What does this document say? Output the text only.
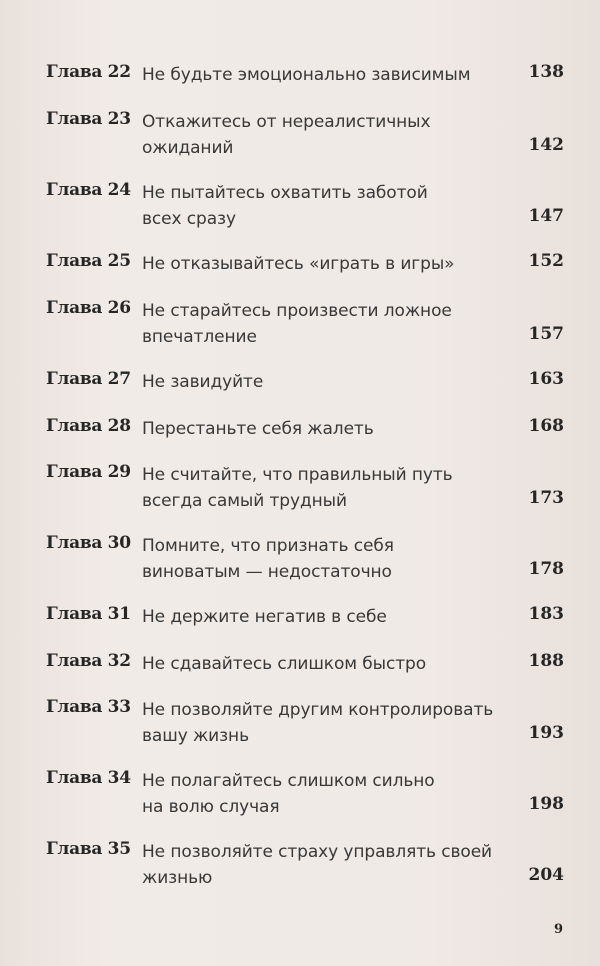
Глава 22 Не будьте эмоционально зависимым	138
Глава 23 Откажитесь от нереалистичных
ожиданий	142
Глава 24 Не пытайтесь охватить заботой
всех сразу	147
Глава 25 Не отказывайтесь «играть в игры»	152
Глава 26 Не старайтесь произвести ложное
впечатление	157
Глава 27 Не завидуйте	163
Глава 28 Перестаньте себя жалеть	168
Глава 29 Не считайте, что правильный путь
всегда самый трудный	173
Глава 30 Помните, что признать себя
виноватым — недостаточно	178
Глава 31 Не держите негатив в себе	183
Глава 32 Не сдавайтесь слишком быстро	188
Глава 33 Не позволяйте другим контролировать
вашу жизнь	193
Глава 34 Не полагайтесь слишком сильно
на волю случая	198
Глава 35 Не позволяйте страху управлять своей
жизнью	204
9
